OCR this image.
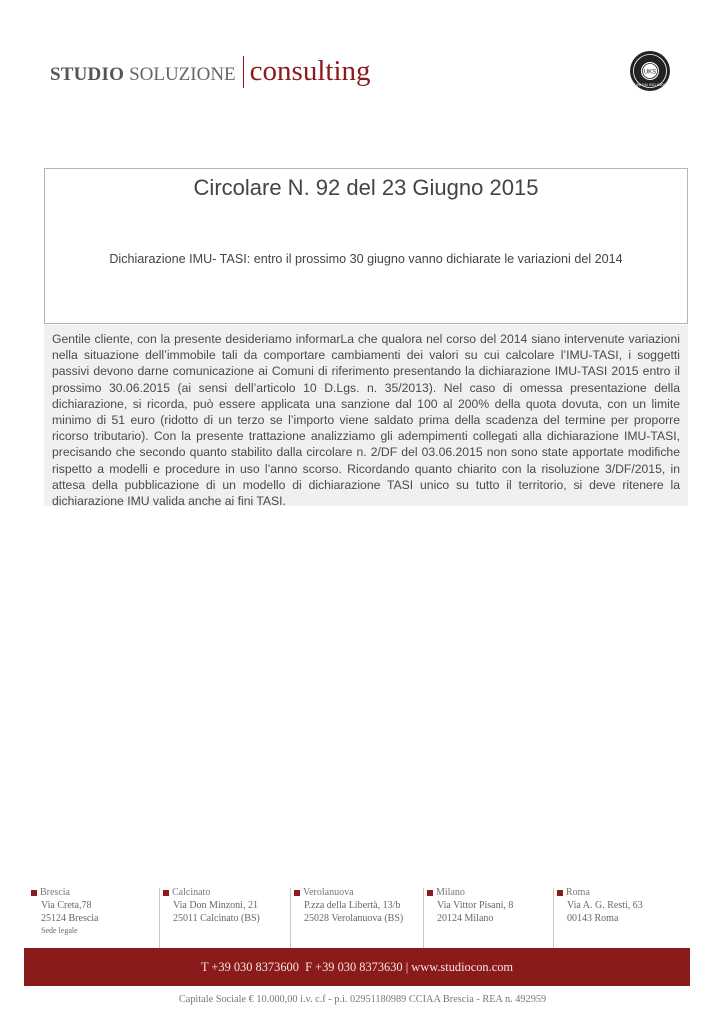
STUDIO SOLUZIONE consulting	UKS
UNI EN ISO 9001
Circolare N. 92 del 23 Giugno 2015
Dichiarazione IMU- TASI: entro il prossimo 30 giugno vanno dichiarate le variazioni del 2014

Gentile cliente, con la presente desideriamo informarLa che qualora nel corso del 2014 siano intervenute variazioni nella situazione dell’immobile tali da comportare cambiamenti dei valori su cui calcolare l’IMU-TASI, i soggetti passivi devono darne comunicazione ai Comuni di riferimento presentando la dichiarazione IMU-TASI 2015 entro il prossimo 30.06.2015 (ai sensi dell’articolo 10 D.Lgs. n. 35/2013). Nel caso di omessa presentazione della dichiarazione, si ricorda, può essere applicata una sanzione dal 100 al 200% della quota dovuta, con un limite minimo di 51 euro (ridotto di un terzo se l’importo viene saldato prima della scadenza del termine per proporre ricorso tributario). Con la presente trattazione analizziamo gli adempimenti collegati alla dichiarazione IMU-TASI, precisando che secondo quanto stabilito dalla circolare n. 2/DF del 03.06.2015 non sono state apportate modifiche rispetto a modelli e procedure in uso l’anno scorso. Ricordando quanto chiarito con la risoluzione 3/DF/2015, in attesa della pubblicazione di un modello di dichiarazione TASI unico su tutto il territorio, si deve ritenere la dichiarazione IMU valida anche ai fini TASI.

Brescia
Via Creta,78
25124 Brescia
Sede legale
Calcinato
Via Don Minzoni, 21
25011 Calcinato (BS)
Verolanuova
P.zza della Libertà, 13/b
25028 Verolanuova (BS)
Milano
Via Vittor Pisani, 8
20124 Milano
Roma
Via A. G. Resti, 63
00143 Roma
T +39 030 8373600  F +39 030 8373630 | www.studiocon.com
Capitale Sociale € 10.000,00 i.v. c.f - p.i. 02951180989 CCIAA Brescia - REA n. 492959
